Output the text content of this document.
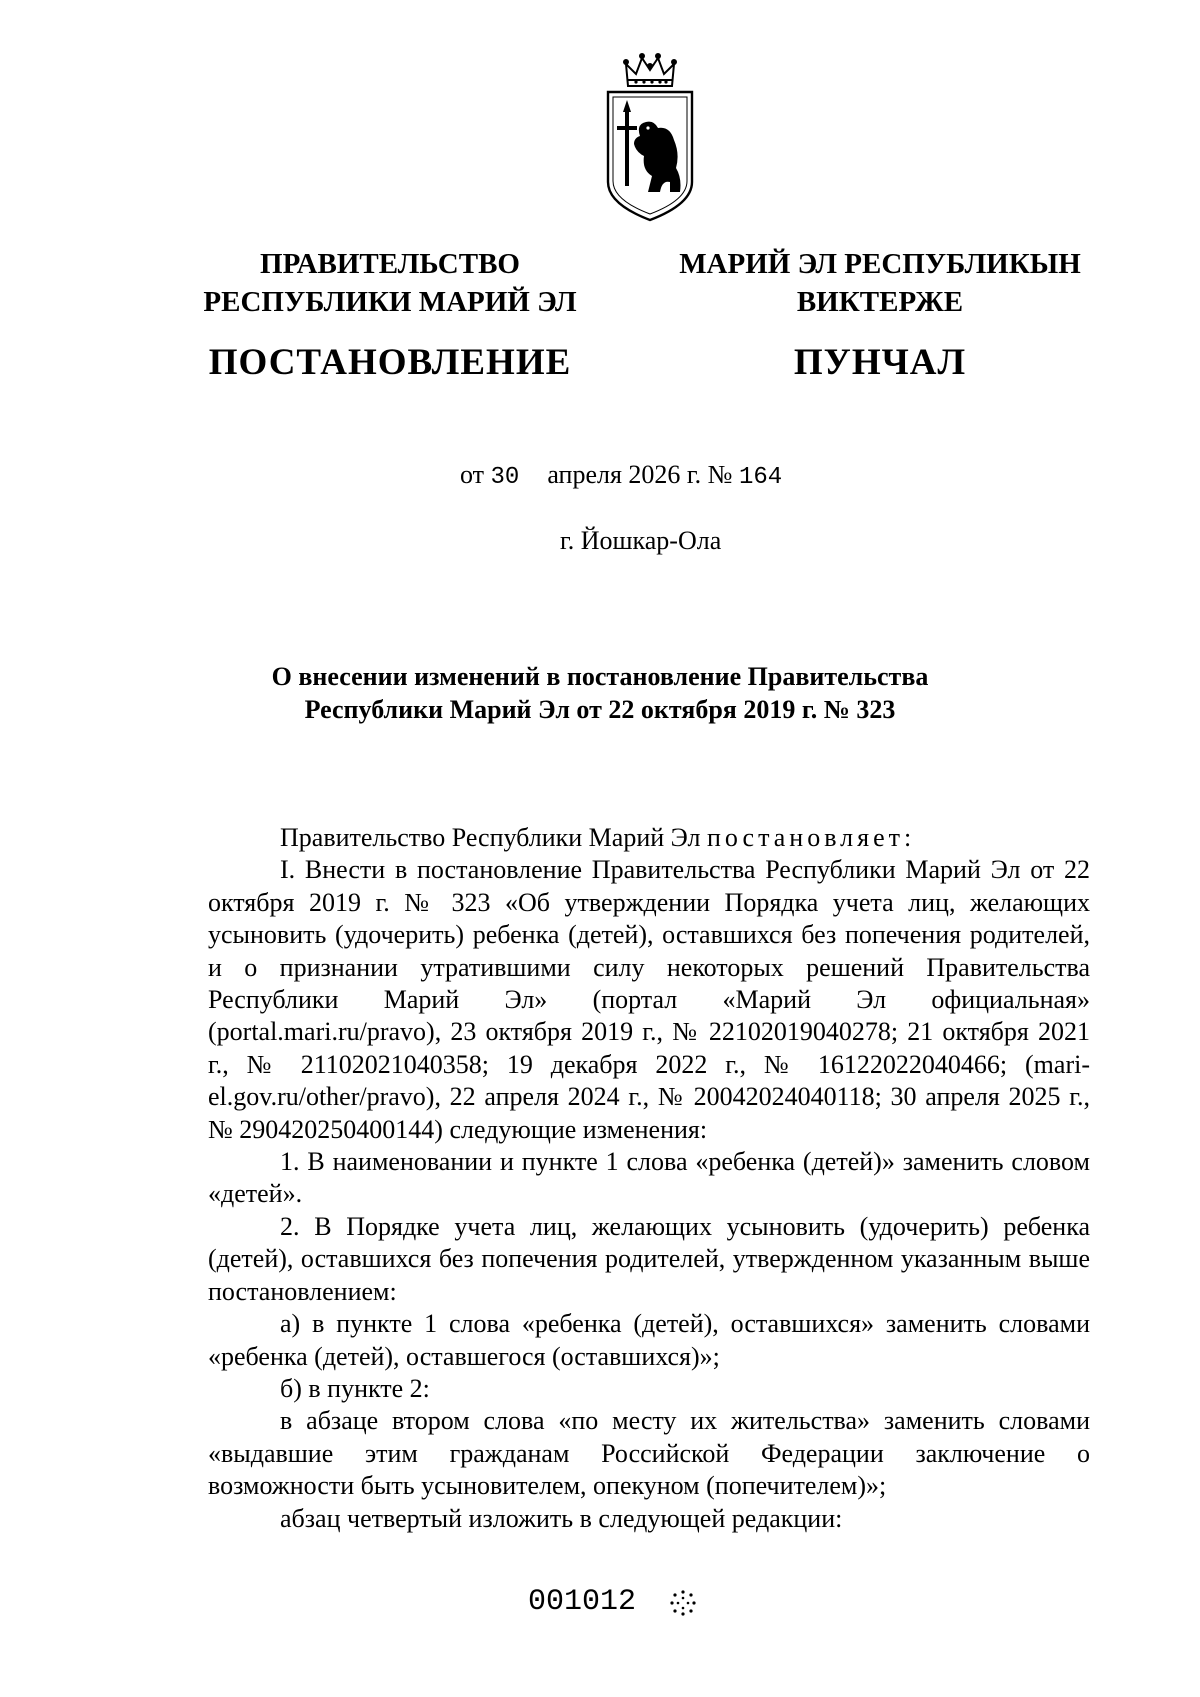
ПРАВИТЕЛЬСТВО
РЕСПУБЛИКИ МАРИЙ ЭЛ
ПОСТАНОВЛЕНИЕ
МАРИЙ ЭЛ РЕСПУБЛИКЫН
ВИКТЕРЖЕ
ПУНЧАЛ
от 30 апреля 2026 г. № 164
г. Йошкар-Ола
О внесении изменений в постановление Правительства
Республики Марий Эл от 22 октября 2019 г. № 323

Правительство Республики Марий Эл постановляет:

I. Внести в постановление Правительства Республики Марий Эл от 22 октября 2019 г. № 323 «Об утверждении Порядка учета лиц, желающих усыновить (удочерить) ребенка (детей), оставшихся без попечения родителей, и о признании утратившими силу некоторых решений Правительства Республики Марий Эл» (портал «Марий Эл официальная» (portal.mari.ru/pravo), 23 октября 2019 г., № 22102019040278; 21 октября 2021 г., № 21102021040358; 19 декабря 2022 г., № 16122022040466; (mari-el.gov.ru/other/pravo), 22 апреля 2024 г., № 20042024040118; 30 апреля 2025 г., № 290420250400144) следующие изменения:

1. В наименовании и пункте 1 слова «ребенка (детей)» заменить словом «детей».

2. В Порядке учета лиц, желающих усыновить (удочерить) ребенка (детей), оставшихся без попечения родителей, утвержденном указанным выше постановлением:

а) в пункте 1 слова «ребенка (детей), оставшихся» заменить словами «ребенка (детей), оставшегося (оставшихся)»;

б) в пункте 2:

в абзаце втором слова «по месту их жительства» заменить словами «выдавшие этим гражданам Российской Федерации заключение о возможности быть усыновителем, опекуном (попечителем)»;

абзац четвертый изложить в следующей редакции:

001012
